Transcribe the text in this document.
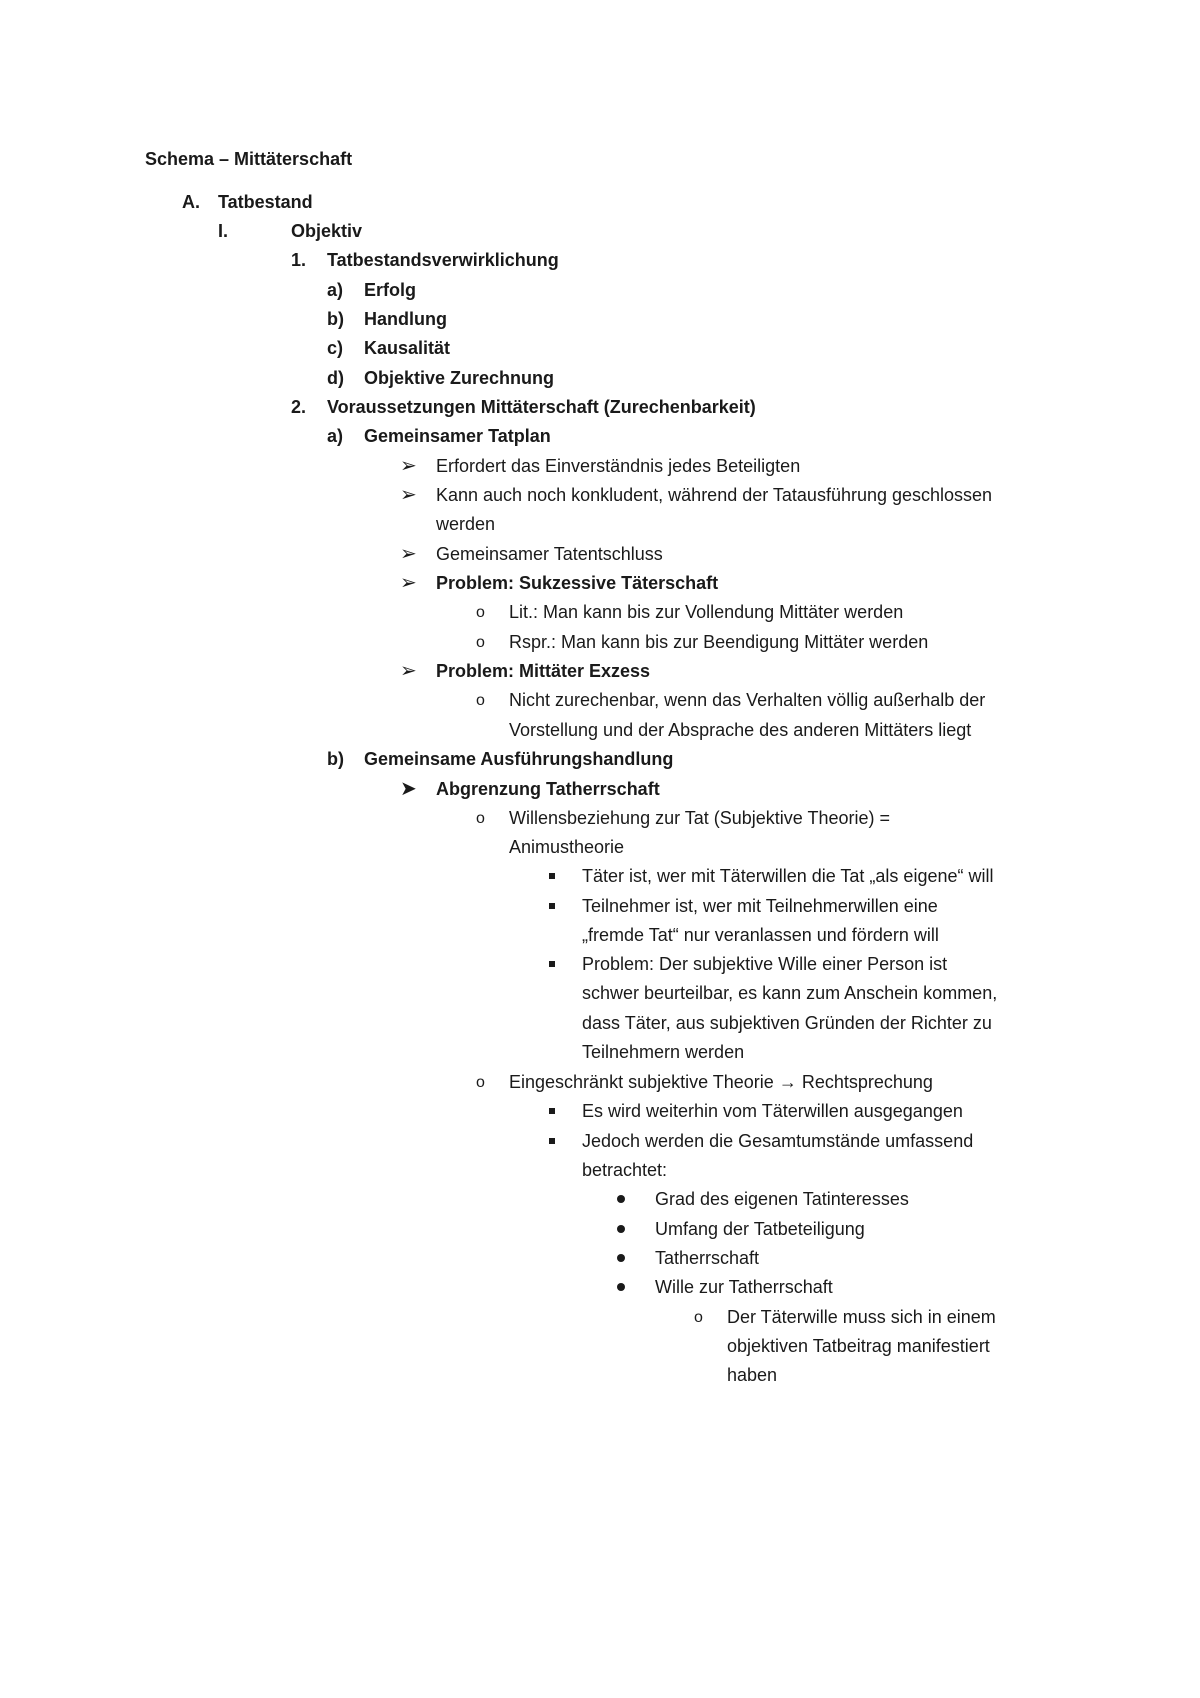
Schema – Mittäterschaft
A. Tatbestand
I.	Objektiv
1. Tatbestandsverwirklichung
a) Erfolg
b) Handlung
c) Kausalität
d) Objektive Zurechnung
2. Voraussetzungen Mittäterschaft (Zurechenbarkeit)
a) Gemeinsamer Tatplan
➢ Erfordert das Einverständnis jedes Beteiligten
➢ Kann auch noch konkludent, während der Tatausführung geschlossen
werden
➢ Gemeinsamer Tatentschluss
➢ Problem: Sukzessive Täterschaft
o Lit.: Man kann bis zur Vollendung Mittäter werden
o Rspr.: Man kann bis zur Beendigung Mittäter werden
➢ Problem: Mittäter Exzess
o Nicht zurechenbar, wenn das Verhalten völlig außerhalb der
Vorstellung und der Absprache des anderen Mittäters liegt
b) Gemeinsame Ausführungshandlung
➤ Abgrenzung Tatherrschaft
o Willensbeziehung zur Tat (Subjektive Theorie) =
Animustheorie
Täter ist, wer mit Täterwillen die Tat „als eigene“ will
Teilnehmer ist, wer mit Teilnehmerwillen eine
„fremde Tat“ nur veranlassen und fördern will
Problem: Der subjektive Wille einer Person ist
schwer beurteilbar, es kann zum Anschein kommen,
dass Täter, aus subjektiven Gründen der Richter zu
Teilnehmern werden
o Eingeschränkt subjektive Theorie → Rechtsprechung
Es wird weiterhin vom Täterwillen ausgegangen
Jedoch werden die Gesamtumstände umfassend
betrachtet:
Grad des eigenen Tatinteresses
Umfang der Tatbeteiligung
Tatherrschaft
Wille zur Tatherrschaft
o Der Täterwille muss sich in einem
objektiven Tatbeitrag manifestiert
haben
